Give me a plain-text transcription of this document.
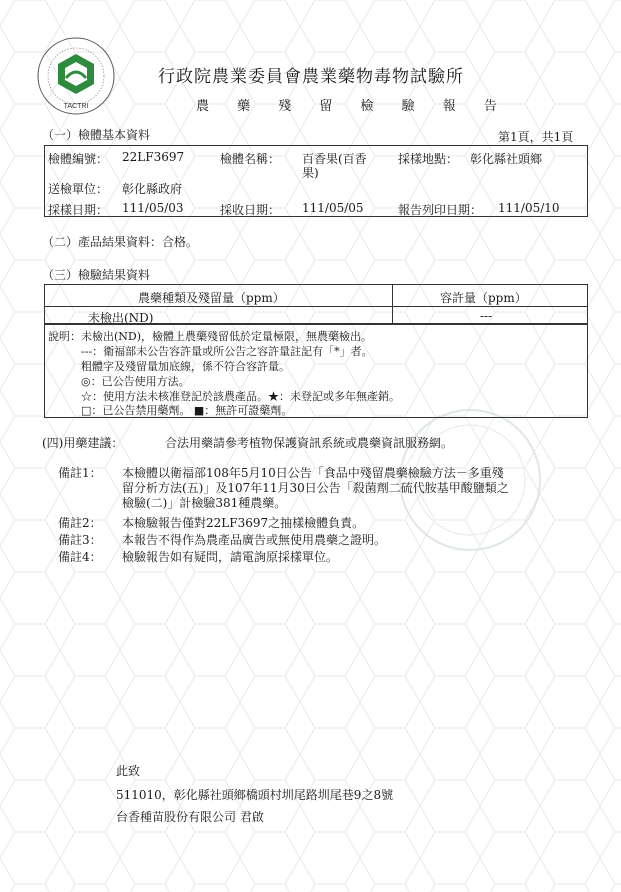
TACTRI
行政院農業委員會農業藥物毒物試驗所
農 藥 殘 留 檢 驗 報 告
（一）檢體基本資料	第1頁，共1頁
檢體編號： 22LF3697	檢體名稱： 百香果(百香
果)
採樣地點： 彰化縣社頭鄉
送檢單位： 彰化縣政府
採樣日期： 111/05/03	採收日期： 111/05/05	報告列印日期： 111/05/10
（二）產品結果資料：合格。
（三）檢驗結果資料
農藥種類及殘留量（ppm）	容許量（ppm）
未檢出(ND)	---
說明：未檢出(ND)，檢體上農藥殘留低於定量極限，無農藥檢出。
　　　---：衛福部未公告容許量或所公告之容許量註記有「*」者。
　　　粗體字及殘留量加底線，係不符合容許量。
　　　◎：已公告使用方法。
　　　☆：使用方法未核准登記於該農產品。★：未登記或多年無產銷。
　　　□：已公告禁用藥劑。 ■：無許可證藥劑。
(四)用藥建議：	合法用藥請參考植物保護資訊系統或農藥資訊服務網。
備註1： 本檢體以衛福部108年5月10日公告「食品中殘留農藥檢驗方法－多重殘
留分析方法(五)」及107年11月30日公告「殺菌劑二硫代胺基甲酸鹽類之
檢驗(二)」計檢驗381種農藥。
備註2： 本檢驗報告僅對22LF3697之抽樣檢體負責。
備註3： 本報告不得作為農產品廣告或無使用農藥之證明。
備註4： 檢驗報告如有疑問，請電詢原採樣單位。
此致
511010，彰化縣社頭鄉橋頭村圳尾路圳尾巷9之8號
台香種苗股份有限公司 君啟
